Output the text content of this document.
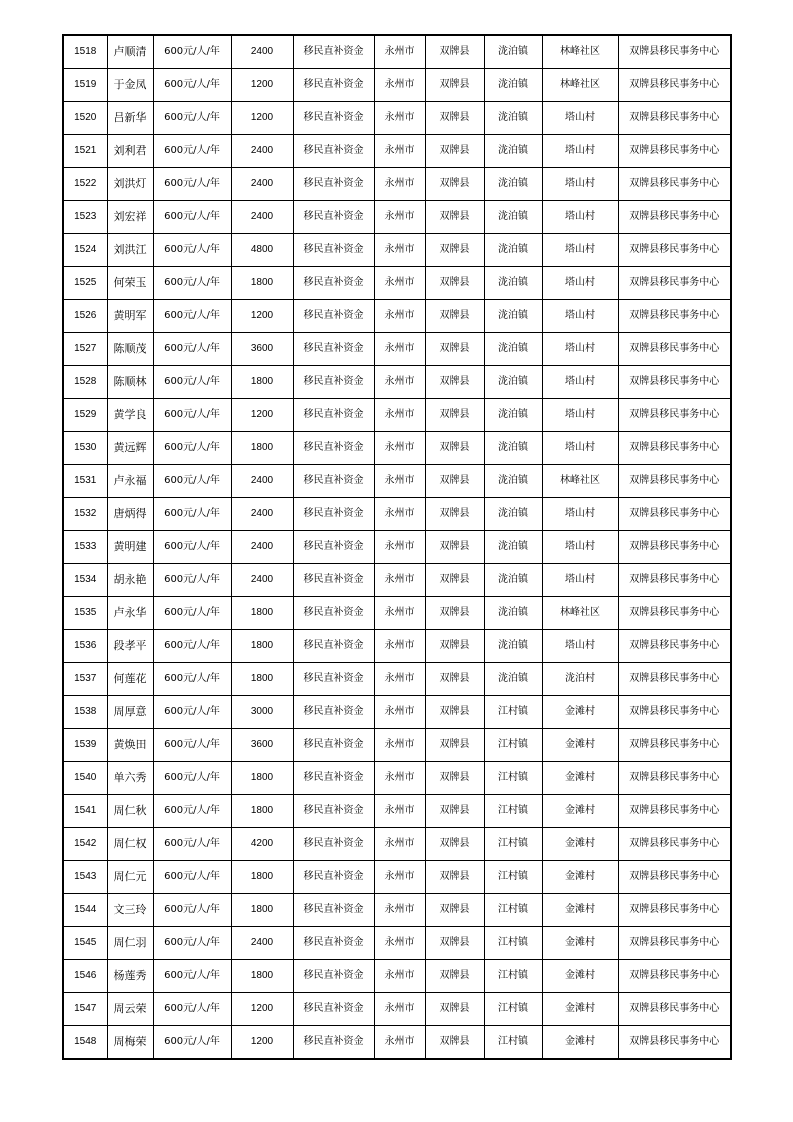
1518	卢顺清	600元/人/年	2400	移民直补资金	永州市	双牌县	泷泊镇	林峰社区	双牌县移民事务中心
1519	于金凤	600元/人/年	1200	移民直补资金	永州市	双牌县	泷泊镇	林峰社区	双牌县移民事务中心
1520	吕新华	600元/人/年	1200	移民直补资金	永州市	双牌县	泷泊镇	塔山村	双牌县移民事务中心
1521	刘利君	600元/人/年	2400	移民直补资金	永州市	双牌县	泷泊镇	塔山村	双牌县移民事务中心
1522	刘洪灯	600元/人/年	2400	移民直补资金	永州市	双牌县	泷泊镇	塔山村	双牌县移民事务中心
1523	刘宏祥	600元/人/年	2400	移民直补资金	永州市	双牌县	泷泊镇	塔山村	双牌县移民事务中心
1524	刘洪江	600元/人/年	4800	移民直补资金	永州市	双牌县	泷泊镇	塔山村	双牌县移民事务中心
1525	何荣玉	600元/人/年	1800	移民直补资金	永州市	双牌县	泷泊镇	塔山村	双牌县移民事务中心
1526	黄明军	600元/人/年	1200	移民直补资金	永州市	双牌县	泷泊镇	塔山村	双牌县移民事务中心
1527	陈顺茂	600元/人/年	3600	移民直补资金	永州市	双牌县	泷泊镇	塔山村	双牌县移民事务中心
1528	陈顺林	600元/人/年	1800	移民直补资金	永州市	双牌县	泷泊镇	塔山村	双牌县移民事务中心
1529	黄学良	600元/人/年	1200	移民直补资金	永州市	双牌县	泷泊镇	塔山村	双牌县移民事务中心
1530	黄远辉	600元/人/年	1800	移民直补资金	永州市	双牌县	泷泊镇	塔山村	双牌县移民事务中心
1531	卢永福	600元/人/年	2400	移民直补资金	永州市	双牌县	泷泊镇	林峰社区	双牌县移民事务中心
1532	唐炳得	600元/人/年	2400	移民直补资金	永州市	双牌县	泷泊镇	塔山村	双牌县移民事务中心
1533	黄明建	600元/人/年	2400	移民直补资金	永州市	双牌县	泷泊镇	塔山村	双牌县移民事务中心
1534	胡永艳	600元/人/年	2400	移民直补资金	永州市	双牌县	泷泊镇	塔山村	双牌县移民事务中心
1535	卢永华	600元/人/年	1800	移民直补资金	永州市	双牌县	泷泊镇	林峰社区	双牌县移民事务中心
1536	段孝平	600元/人/年	1800	移民直补资金	永州市	双牌县	泷泊镇	塔山村	双牌县移民事务中心
1537	何莲花	600元/人/年	1800	移民直补资金	永州市	双牌县	泷泊镇	泷泊村	双牌县移民事务中心
1538	周厚意	600元/人/年	3000	移民直补资金	永州市	双牌县	江村镇	金滩村	双牌县移民事务中心
1539	黄焕田	600元/人/年	3600	移民直补资金	永州市	双牌县	江村镇	金滩村	双牌县移民事务中心
1540	单六秀	600元/人/年	1800	移民直补资金	永州市	双牌县	江村镇	金滩村	双牌县移民事务中心
1541	周仁秋	600元/人/年	1800	移民直补资金	永州市	双牌县	江村镇	金滩村	双牌县移民事务中心
1542	周仁权	600元/人/年	4200	移民直补资金	永州市	双牌县	江村镇	金滩村	双牌县移民事务中心
1543	周仁元	600元/人/年	1800	移民直补资金	永州市	双牌县	江村镇	金滩村	双牌县移民事务中心
1544	文三玲	600元/人/年	1800	移民直补资金	永州市	双牌县	江村镇	金滩村	双牌县移民事务中心
1545	周仁羽	600元/人/年	2400	移民直补资金	永州市	双牌县	江村镇	金滩村	双牌县移民事务中心
1546	杨莲秀	600元/人/年	1800	移民直补资金	永州市	双牌县	江村镇	金滩村	双牌县移民事务中心
1547	周云荣	600元/人/年	1200	移民直补资金	永州市	双牌县	江村镇	金滩村	双牌县移民事务中心
1548	周梅荣	600元/人/年	1200	移民直补资金	永州市	双牌县	江村镇	金滩村	双牌县移民事务中心
